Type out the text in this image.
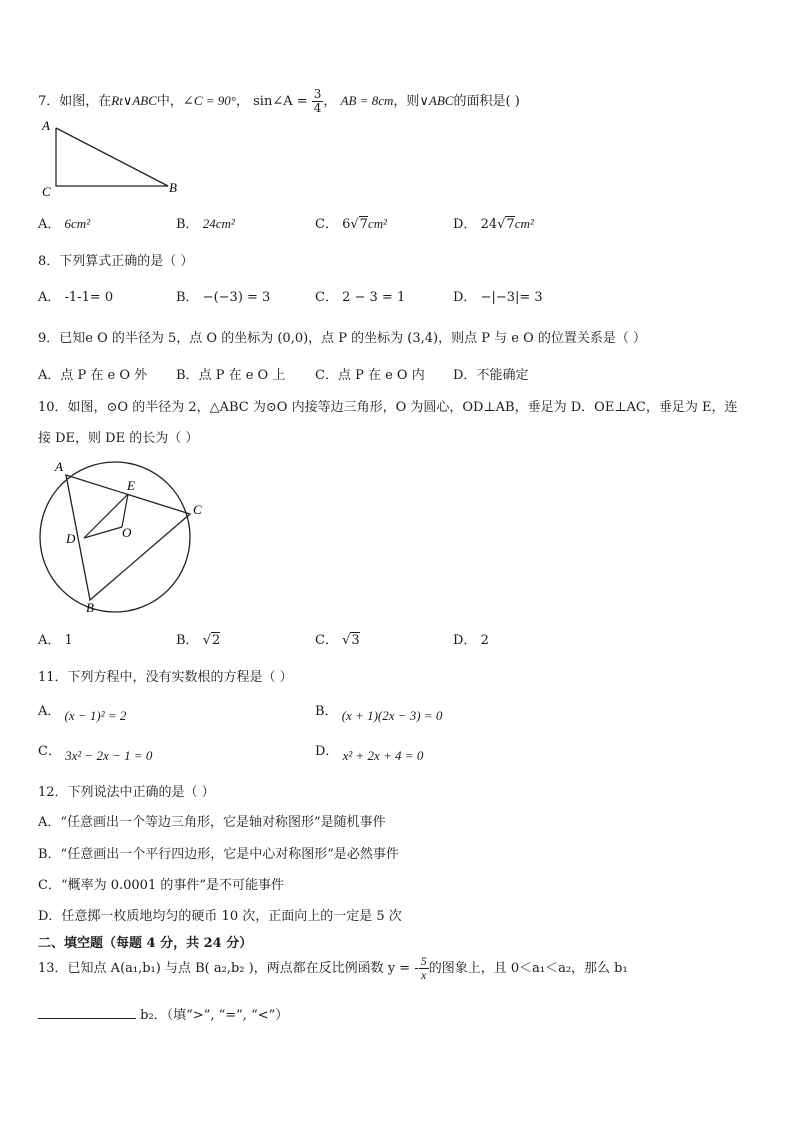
7．如图，在Rt∨ABC中，∠C = 90°， sin∠A = $\frac{3}{4}$ ， AB = 8cm，则∨ABC的面积是( )
A
C	B
A． 6cm²	B． 24cm²	C． 6√7cm²	D． 24√7cm²
8．下列算式正确的是（ ）
A． -1-1= 0	B． −(−3) = 3	C． 2 − 3 = 1	D． −|−3|= 3
9．已知e O 的半径为 5，点 O 的坐标为 (0,0)，点 P 的坐标为 (3,4)，则点 P 与 e O 的位置关系是（ ）
A．点 P 在 e O 外 B．点 P 在 e O 上 C．点 P 在 e O 内 D．不能确定
10．如图，⊙O 的半径为 2，△ABC 为⊙O 内接等边三角形，O 为圆心，OD⊥AB，垂足为 D．OE⊥AC，垂足为 E，连
接 DE，则 DE 的长为（ ）
A
E
C
D	O
B
A． 1	B． √2	C． √3	D． 2
11．下列方程中，没有实数根的方程是（ ）
A． (x − 1)² = 2	B． (x + 1)(2x − 3) = 0
C． 3x² − 2x − 1 = 0	D． x² + 2x + 4 = 0
12．下列说法中正确的是（ ）
A．“任意画出一个等边三角形，它是轴对称图形”是随机事件
B．“任意画出一个平行四边形，它是中心对称图形”是必然事件
C．“概率为 0.0001 的事件”是不可能事件
D．任意掷一枚质地均匀的硬币 10 次，正面向上的一定是 5 次
二、填空题（每题 4 分，共 24 分）
13．已知点 A(a₁,b₁) 与点 B( a₂,b₂ )，两点都在反比例函数 y = - $\frac{5}{x}$ 的图象上，且 0＜a₁＜a₂，那么 b₁
b₂．（填“>”, “=”, “<”）
